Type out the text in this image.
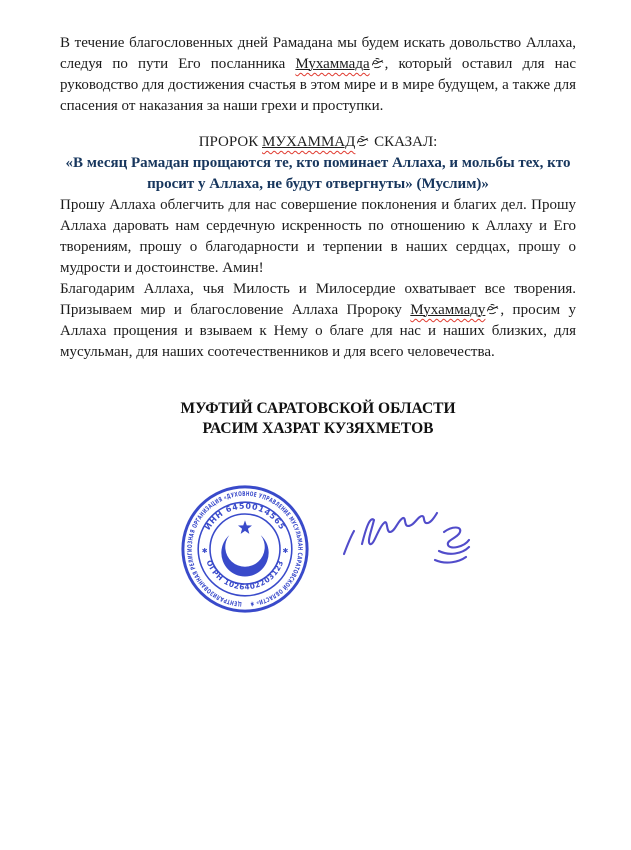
В течение благословенных дней Рамадана мы будем искать довольство Аллаха, следуя по пути Его посланника Мухаммада , который оставил для нас руководство для достижения счастья в этом мире и в мире будущем, а также для спасения от наказания за наши грехи и проступки.

ПРОРОК МУХАММАД СКАЗАЛ:
«В месяц Рамадан прощаются те, кто поминает Аллаха, и мольбы тех, кто
просит у Аллаха, не будут отвергнуты» (Муслим)»

Прошу Аллаха облегчить для нас совершение поклонения и благих дел. Прошу Аллаха даровать нам сердечную искренность по отношению к Аллаху и Его творениям, прошу о благодарности и терпении в наших сердцах, прошу о мудрости и достоинстве. Амин!

Благодарим Аллаха, чья Милость и Милосердие охватывает все творения. Призываем мир и благословение Аллаха Пророку Мухаммаду , просим у Аллаха прощения и взываем к Нему о благе для нас и наших близких, для мусульман, для наших соотечественников и для всего человечества.

МУФТИЙ САРАТОВСКОЙ ОБЛАСТИ
РАСИМ ХАЗРАТ КУЗЯХМЕТОВ
ЦЕНТРАЛИЗОВАННАЯ РЕЛИГИОЗНАЯ ОРГАНИЗАЦИЯ «ДУХОВНОЕ УПРАВЛЕНИЕ МУСУЛЬМАН САРАТОВСКОЙ ОБЛАСТИ» ✱
ИНН 6450014565
ОГРН 1026402203123
✱	✱
